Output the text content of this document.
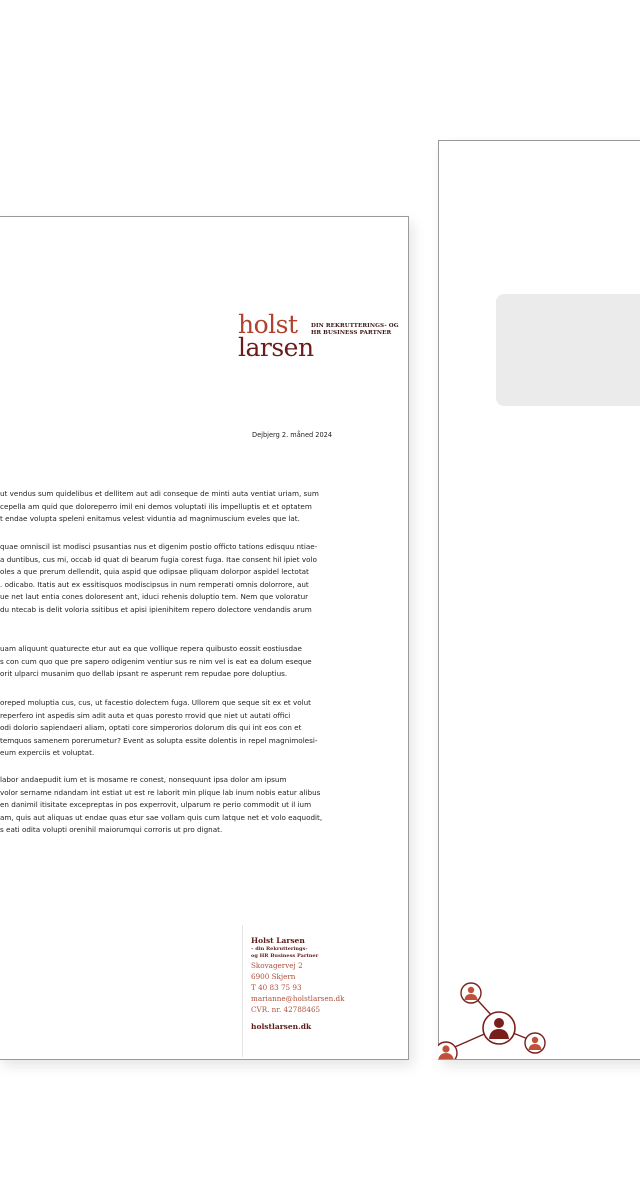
holst
larsen
DIN REKRUTTERINGS- OG
HR BUSINESS PARTNER
Dejbjerg 2. måned 2024
ut vendus sum quidelibus et dellitem aut adi conseque de minti auta ventiat uriam, sum
cepella am quid que doloreperro imil eni demos voluptati ilis impelluptis et et optatem
t endae volupta speleni enitamus velest viduntia ad magnimuscium eveles que lat.
quae omniscil ist modisci psusantias nus et digenim postio officto tations edisquu ntiae-
a duntibus, cus mi, occab id quat di bearum fugia corest fuga. Itae consent hil ipiet volo
oles a que prerum dellendit, quia aspid que odipsae pliquam dolorpor aspidel lectotat
. odicabo. Itatis aut ex essitisquos modiscipsus in num remperati omnis dolorrore, aut
ue net laut entia cones doloresent ant, iduci rehenis doluptio tem. Nem que voloratur
du ntecab is delit voloria ssitibus et apisi ipienihitem repero dolectore vendandis arum
uam aliquunt quaturecte etur aut ea que vollique repera quibusto eossit eostiusdae
s con cum quo que pre sapero odigenim ventiur sus re nim vel is eat ea dolum eseque
orit ulparci musanim quo dellab ipsant re asperunt rem repudae pore doluptius.
oreped moluptia cus, cus, ut facestio dolectem fuga. Ullorem que seque sit ex et volut
reperfero int aspedis sim adit auta et quas poresto rrovid que niet ut autati offici
odi dolorio sapiendaeri aliam, optati core simperorios dolorum dis qui int eos con et
temquos samenem porerumetur? Event as solupta essite dolentis in repel magnimolesi-
eum experciis et voluptat.
labor andaepudit ium et is mosame re conest, nonsequunt ipsa dolor am ipsum
volor sername ndandam int estiat ut est re laborit min plique lab inum nobis eatur alibus
en danimil itisitate excepreptas in pos experrovit, ulparum re perio commodit ut il ium
am, quis aut aliquas ut endae quas etur sae vollam quis cum latque net et volo eaquodit,
s eati odita volupti orenihil maiorumqui corroris ut pro dignat.
Holst Larsen
– din Rekrutterings-
og HR Business Partner
Skovagervej 2
6900 Skjern
T 40 83 75 93
marianne@holstlarsen.dk
CVR. nr. 42788465
holstlarsen.dk
